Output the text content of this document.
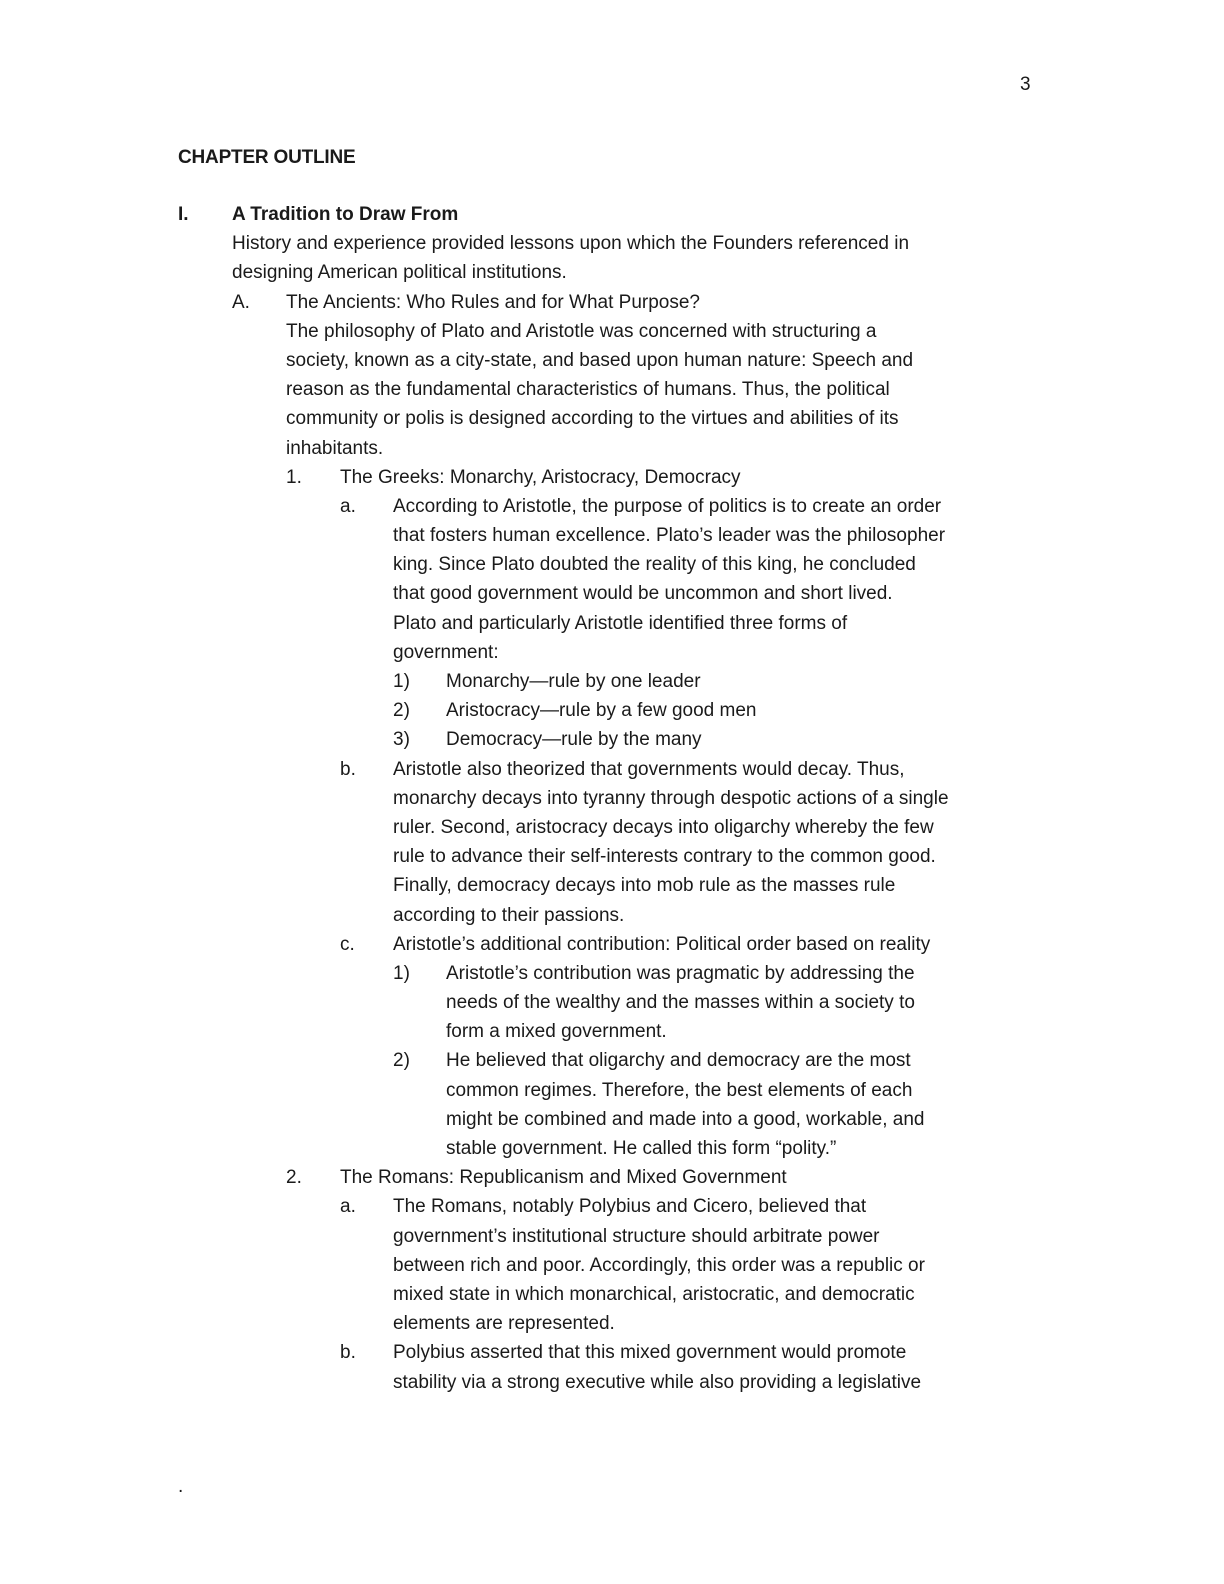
3
CHAPTER OUTLINE
I. A Tradition to Draw From
History and experience provided lessons upon which the Founders referenced in
designing American political institutions.
A. The Ancients: Who Rules and for What Purpose?
The philosophy of Plato and Aristotle was concerned with structuring a
society, known as a city-state, and based upon human nature: Speech and
reason as the fundamental characteristics of humans. Thus, the political
community or polis is designed according to the virtues and abilities of its
inhabitants.
1. The Greeks: Monarchy, Aristocracy, Democracy
a. According to Aristotle, the purpose of politics is to create an order
that fosters human excellence. Plato’s leader was the philosopher
king. Since Plato doubted the reality of this king, he concluded
that good government would be uncommon and short lived.
Plato and particularly Aristotle identified three forms of
government:
1) Monarchy—rule by one leader
2) Aristocracy—rule by a few good men
3) Democracy—rule by the many
b. Aristotle also theorized that governments would decay. Thus,
monarchy decays into tyranny through despotic actions of a single
ruler. Second, aristocracy decays into oligarchy whereby the few
rule to advance their self-interests contrary to the common good.
Finally, democracy decays into mob rule as the masses rule
according to their passions.
c. Aristotle’s additional contribution: Political order based on reality
1) Aristotle’s contribution was pragmatic by addressing the
needs of the wealthy and the masses within a society to
form a mixed government.
2) He believed that oligarchy and democracy are the most
common regimes. Therefore, the best elements of each
might be combined and made into a good, workable, and
stable government. He called this form “polity.”
2. The Romans: Republicanism and Mixed Government
a. The Romans, notably Polybius and Cicero, believed that
government’s institutional structure should arbitrate power
between rich and poor. Accordingly, this order was a republic or
mixed state in which monarchical, aristocratic, and democratic
elements are represented.
b. Polybius asserted that this mixed government would promote
stability via a strong executive while also providing a legislative
.
